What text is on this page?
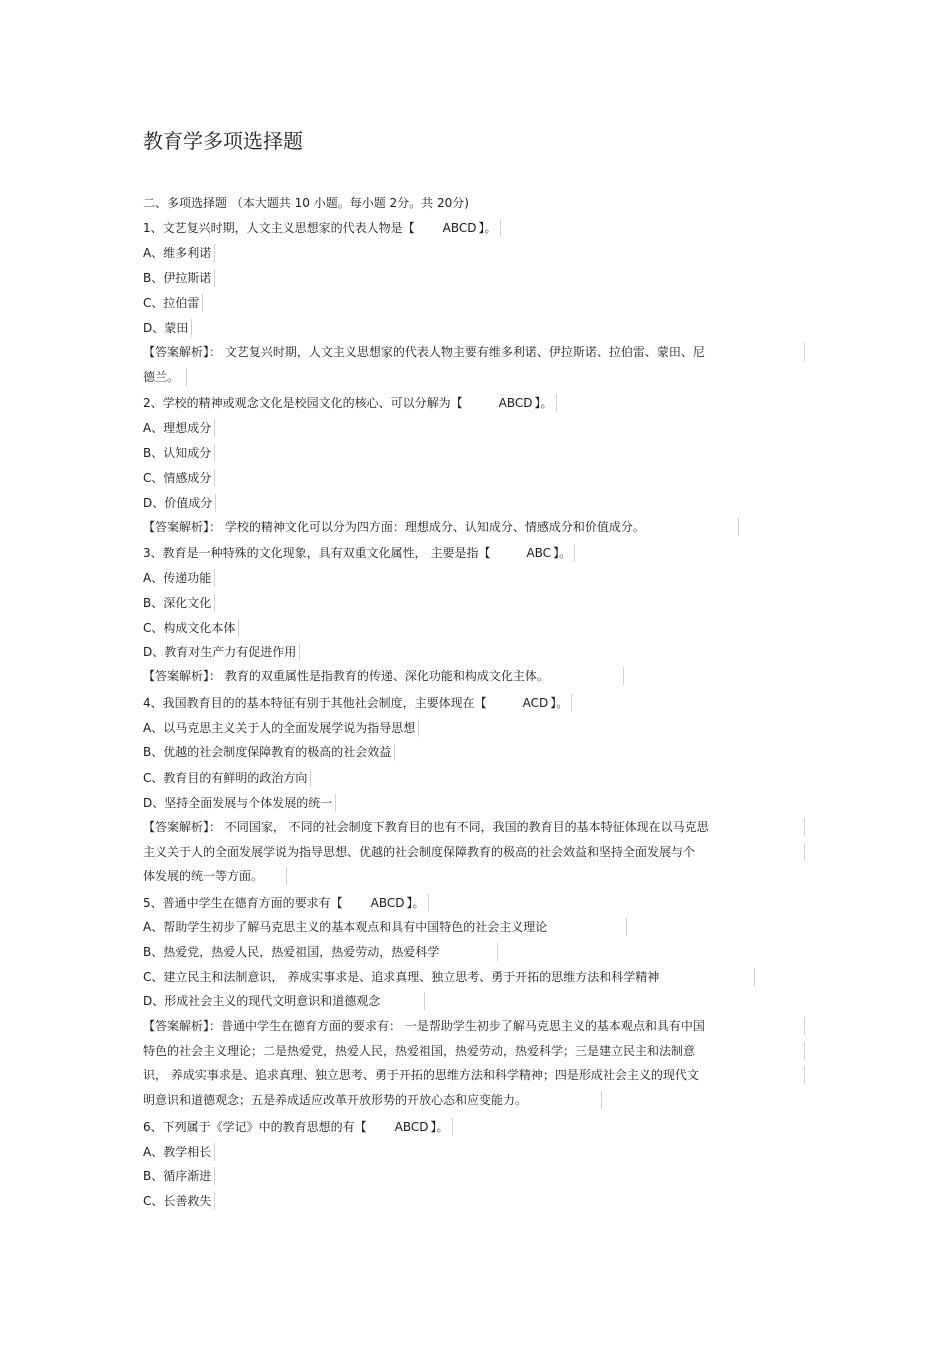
教育学多项选择题
二、多项选择题 （本大题共 10 小题。每小题 2分。共 20分)
1、文艺复兴时期，人文主义思想家的代表人物是【 ABCD 】。
A、维多利诺
B、伊拉斯诺
C、拉伯雷
D、蒙田
【答案解析】： 文艺复兴时期，人文主义思想家的代表人物主要有维多利诺、伊拉斯诺、拉伯雷、蒙田、尼
德兰。
2、学校的精神或观念文化是校园文化的核心、可以分解为【	ABCD 】。
A、理想成分
B、认知成分
C、情感成分
D、价值成分
【答案解析】： 学校的精神文化可以分为四方面：理想成分、认知成分、情感成分和价值成分。
3、教育是一种特殊的文化现象，具有双重文化属性， 主要是指【	ABC 】。
A、传递功能
B、深化文化
C、构成文化本体
D、教育对生产力有促进作用
【答案解析】： 教育的双重属性是指教育的传递、深化功能和构成文化主体。
4、我国教育目的的基本特征有别于其他社会制度，主要体现在【	ACD 】。
A、以马克思主义关于人的全面发展学说为指导思想
B、优越的社会制度保障教育的极高的社会效益
C、教育目的有鲜明的政治方向
D、坚持全面发展与个体发展的统一
【答案解析】： 不同国家， 不同的社会制度下教育目的也有不同，我国的教育目的基本特征体现在以马克思
主义关于人的全面发展学说为指导思想、优越的社会制度保障教育的极高的社会效益和坚持全面发展与个
体发展的统一等方面。
5、普通中学生在德育方面的要求有【 ABCD 】。
A、帮助学生初步了解马克思主义的基本观点和具有中国特色的社会主义理论
B、热爱党，热爱人民，热爱祖国，热爱劳动，热爱科学
C、建立民主和法制意识， 养成实事求是、追求真理、独立思考、勇于开拓的思维方法和科学精神
D、形成社会主义的现代文明意识和道德观念
【答案解析】：普通中学生在德育方面的要求有： 一是帮助学生初步了解马克思主义的基本观点和具有中国
特色的社会主义理论；二是热爱党，热爱人民，热爱祖国，热爱劳动，热爱科学；三是建立民主和法制意
识， 养成实事求是、追求真理、独立思考、勇于开拓的思维方法和科学精神；四是形成社会主义的现代文
明意识和道德观念；五是养成适应改革开放形势的开放心态和应变能力。
6、下列属于《学记》中的教育思想的有【 ABCD 】。
A、教学相长
B、循序渐进
C、长善救失
